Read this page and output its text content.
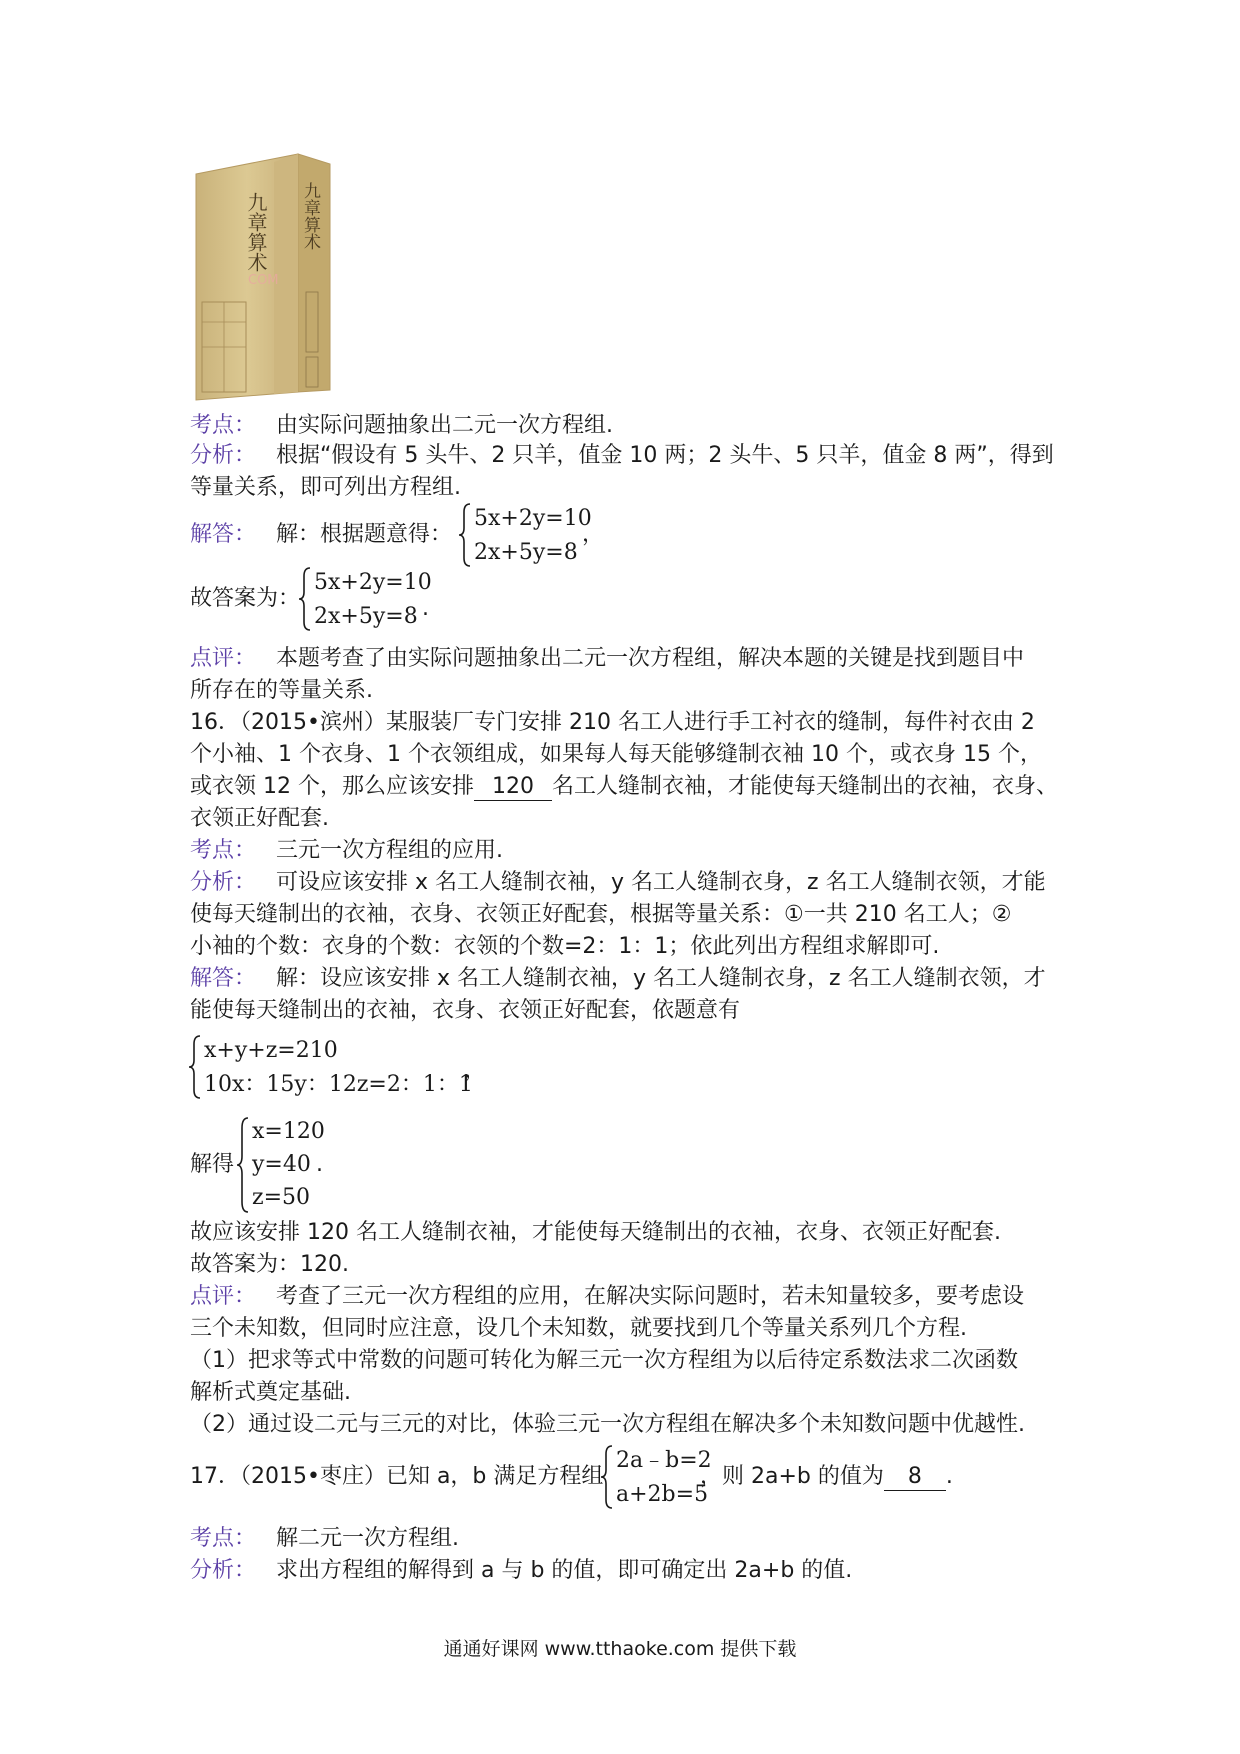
九章算术 九章算术
COM
考点： 由实际问题抽象出二元一次方程组.
分析： 根据“假设有 5 头牛、2 只羊，值金 10 两；2 头牛、5 只羊，值金 8 两”，得到
等量关系，即可列出方程组.
解答： 解：根据题意得：
5x+2y=10
2x+5y=8
，
故答案为：
5x+2y=10
2x+5y=8 .
点评： 本题考查了由实际问题抽象出二元一次方程组，解决本题的关键是找到题目中
所存在的等量关系.
16．（2015•滨州）某服装厂专门安排 210 名工人进行手工衬衣的缝制，每件衬衣由 2
个小袖、1 个衣身、1 个衣领组成，如果每人每天能够缝制衣袖 10 个，或衣身 15 个，
或衣领 12 个，那么应该安排 120 名工人缝制衣袖，才能使每天缝制出的衣袖，衣身、
衣领正好配套.
考点： 三元一次方程组的应用.
分析： 可设应该安排 x 名工人缝制衣袖，y 名工人缝制衣身，z 名工人缝制衣领，才能
使每天缝制出的衣袖，衣身、衣领正好配套，根据等量关系：①一共 210 名工人；②
小袖的个数：衣身的个数：衣领的个数=2：1：1；依此列出方程组求解即可.
解答： 解：设应该安排 x 名工人缝制衣袖，y 名工人缝制衣身，z 名工人缝制衣领，才
能使每天缝制出的衣袖，衣身、衣领正好配套，依题意有
x+y+z=210
10x：15y：12z=2：1：1
，
解得
x=120
y=40
z=50
.
故应该安排 120 名工人缝制衣袖，才能使每天缝制出的衣袖，衣身、衣领正好配套.
故答案为：120.
点评： 考查了三元一次方程组的应用，在解决实际问题时，若未知量较多，要考虑设
三个未知数，但同时应注意，设几个未知数，就要找到几个等量关系列几个方程.
（1）把求等式中常数的问题可转化为解三元一次方程组为以后待定系数法求二次函数
解析式奠定基础.
（2）通过设二元与三元的对比，体验三元一次方程组在解决多个未知数问题中优越性.
17．（2015•枣庄）已知 a，b 满足方程组
2a﹣b=2
a+2b=5
，则 2a+b 的值为 8 .
考点： 解二元一次方程组.
分析： 求出方程组的解得到 a 与 b 的值，即可确定出 2a+b 的值.
通通好课网 www.tthaoke.com 提供下载
